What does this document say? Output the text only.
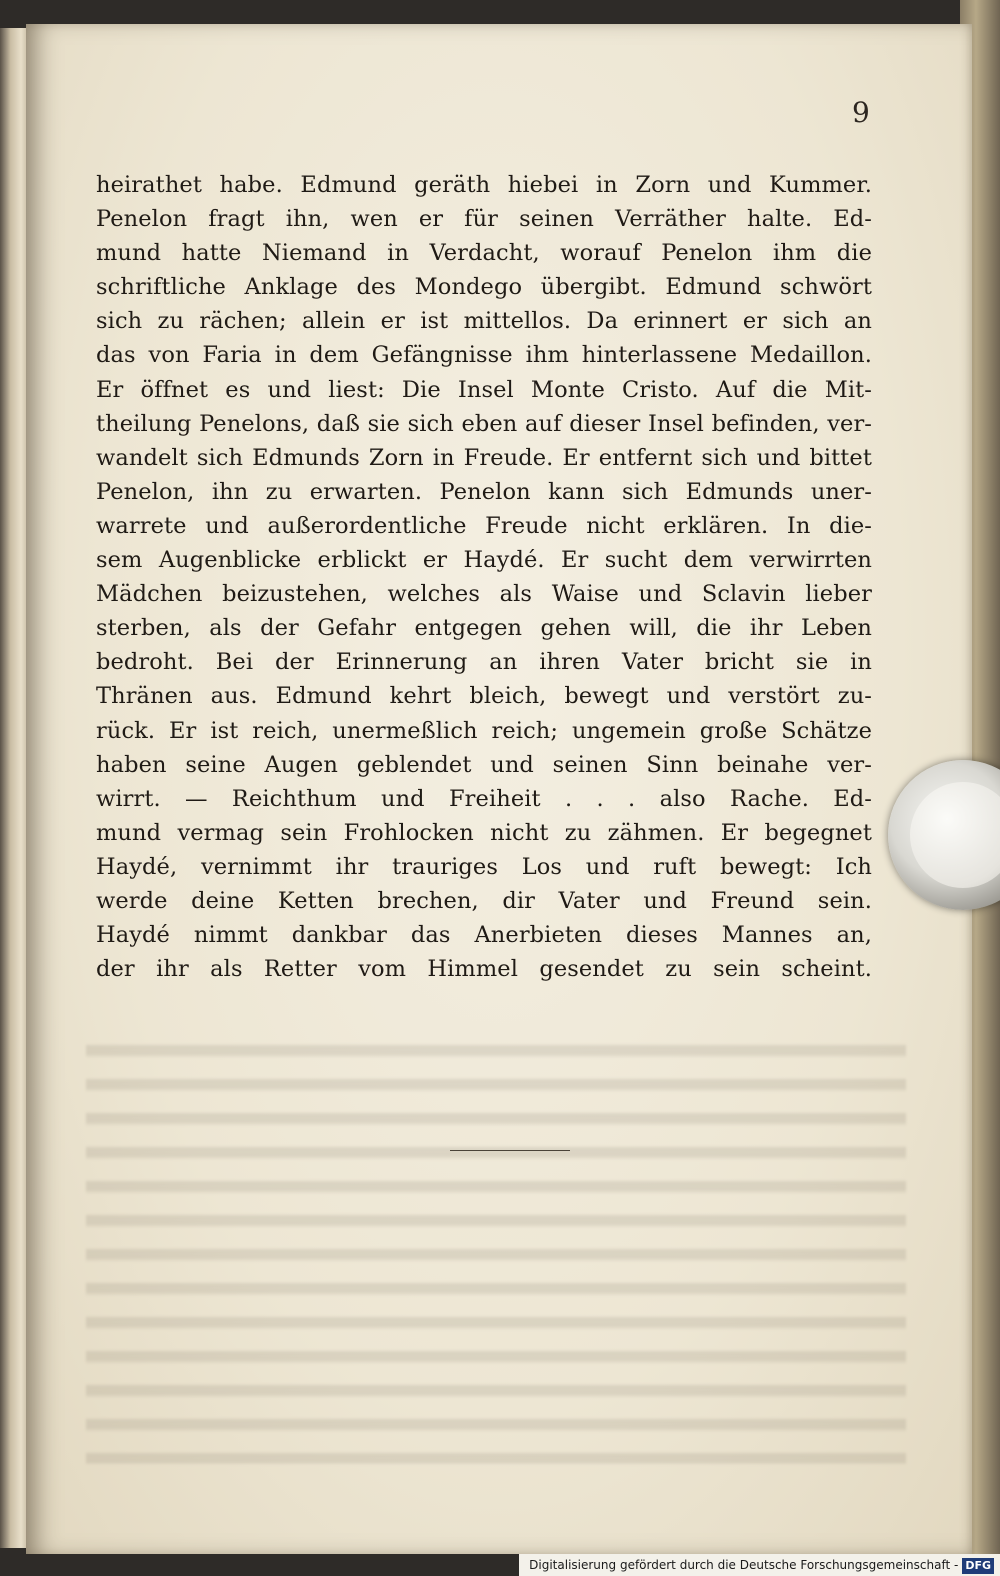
9
heirathet habe. Edmund geräth hiebei in Zorn und Kummer.
Penelon fragt ihn, wen er für seinen Verräther halte. Ed-
mund hatte Niemand in Verdacht, worauf Penelon ihm die
schriftliche Anklage des Mondego übergibt. Edmund schwört
sich zu rächen; allein er ist mittellos. Da erinnert er sich an
das von Faria in dem Gefängnisse ihm hinterlassene Medaillon.
Er öffnet es und liest: Die Insel Monte Cristo. Auf die Mit-
theilung Penelons, daß sie sich eben auf dieser Insel befinden, ver-
wandelt sich Edmunds Zorn in Freude. Er entfernt sich und bittet
Penelon, ihn zu erwarten. Penelon kann sich Edmunds uner-
warrete und außerordentliche Freude nicht erklären. In die-
sem Augenblicke erblickt er Haydé. Er sucht dem verwirrten
Mädchen beizustehen, welches als Waise und Sclavin lieber
sterben, als der Gefahr entgegen gehen will, die ihr Leben
bedroht. Bei der Erinnerung an ihren Vater bricht sie in
Thränen aus. Edmund kehrt bleich, bewegt und verstört zu-
rück. Er ist reich, unermeßlich reich; ungemein große Schätze
haben seine Augen geblendet und seinen Sinn beinahe ver-
wirrt. — Reichthum und Freiheit . . . also Rache. Ed-
mund vermag sein Frohlocken nicht zu zähmen. Er begegnet
Haydé, vernimmt ihr trauriges Los und ruft bewegt: Ich
werde deine Ketten brechen, dir Vater und Freund sein.
Haydé nimmt dankbar das Anerbieten dieses Mannes an,
der ihr als Retter vom Himmel gesendet zu sein scheint.
Digitalisierung gefördert durch die Deutsche Forschungsgemeinschaft - DFG
